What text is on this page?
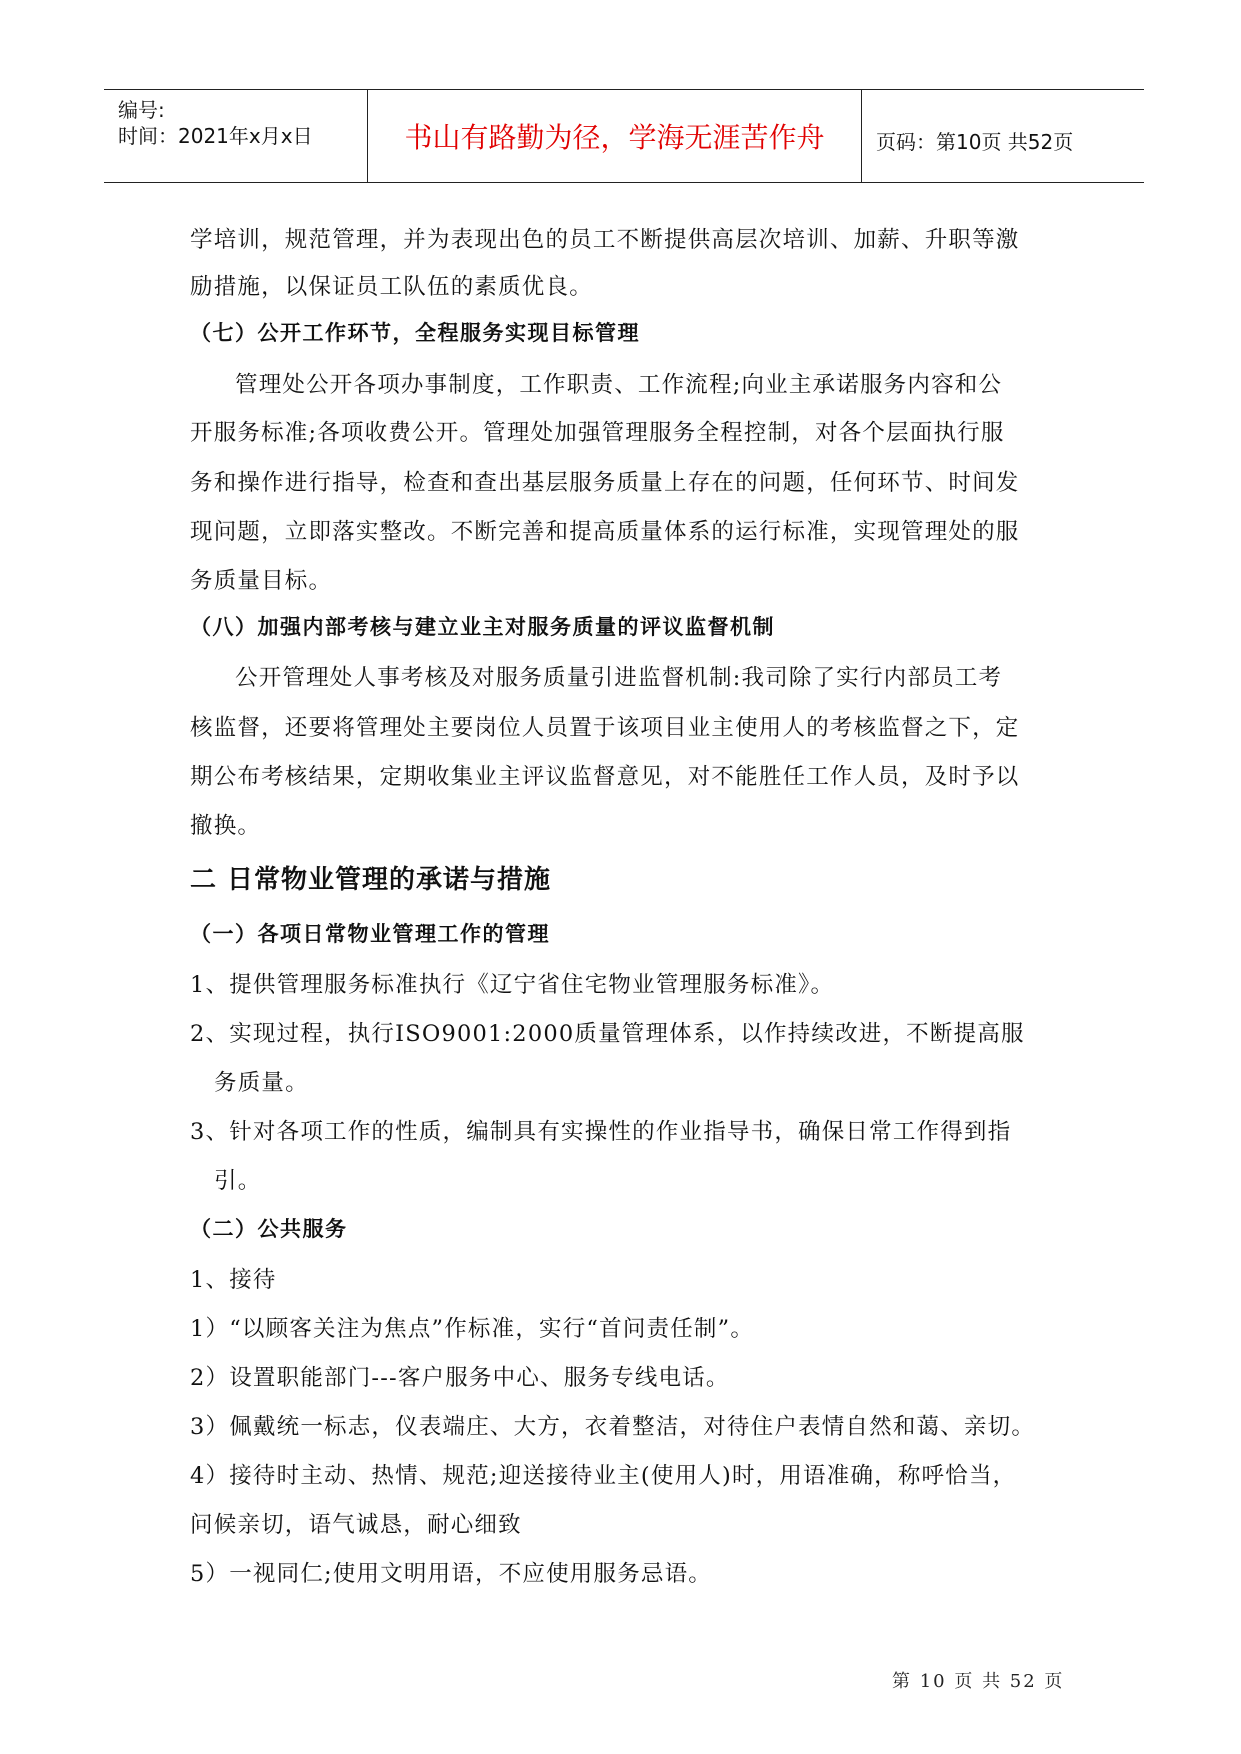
编号:
时间：2021年x月x日	书山有路勤为径，学海无涯苦作舟	页码：第10页 共52页
学培训，规范管理，并为表现出色的员工不断提供高层次培训、加薪、升职等激
励措施，以保证员工队伍的素质优良。
（七）公开工作环节，全程服务实现目标管理
管理处公开各项办事制度，工作职责、工作流程;向业主承诺服务内容和公
开服务标准;各项收费公开。管理处加强管理服务全程控制，对各个层面执行服
务和操作进行指导，检查和查出基层服务质量上存在的问题，任何环节、时间发
现问题，立即落实整改。不断完善和提高质量体系的运行标准，实现管理处的服
务质量目标。
（八）加强内部考核与建立业主对服务质量的评议监督机制
公开管理处人事考核及对服务质量引进监督机制:我司除了实行内部员工考
核监督，还要将管理处主要岗位人员置于该项目业主使用人的考核监督之下，定
期公布考核结果，定期收集业主评议监督意见，对不能胜任工作人员，及时予以
撤换。
二 日常物业管理的承诺与措施
（一）各项日常物业管理工作的管理
1、提供管理服务标准执行《辽宁省住宅物业管理服务标准》。
2、实现过程，执行ISO9001:2000质量管理体系，以作持续改进，不断提高服
务质量。
3、针对各项工作的性质，编制具有实操性的作业指导书，确保日常工作得到指
引。
（二）公共服务
1、接待
1）“以顾客关注为焦点”作标准，实行“首问责任制”。
2）设置职能部门---客户服务中心、服务专线电话。
3）佩戴统一标志，仪表端庄、大方，衣着整洁，对待住户表情自然和蔼、亲切。
4）接待时主动、热情、规范;迎送接待业主(使用人)时，用语准确，称呼恰当，
问候亲切，语气诚恳，耐心细致
5）一视同仁;使用文明用语，不应使用服务忌语。
第 10 页 共 52 页
